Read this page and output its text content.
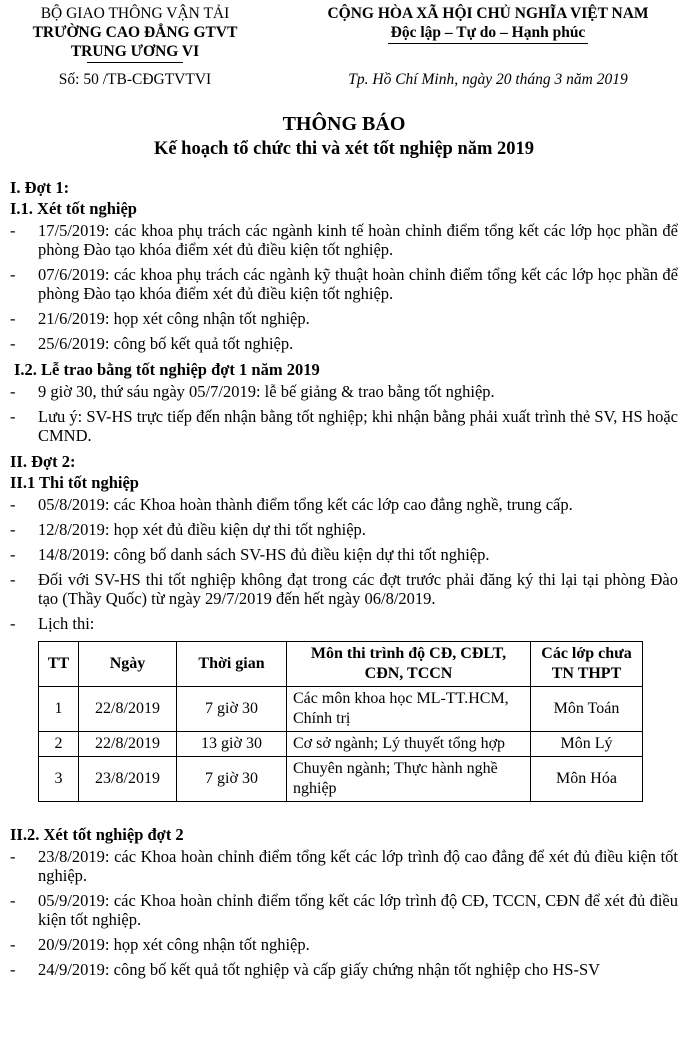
BỘ GIAO THÔNG VẬN TẢI
TRƯỜNG CAO ĐẲNG GTVT
TRUNG ƯƠNG VI
CỘNG HÒA XÃ HỘI CHỦ NGHĨA VIỆT NAM
Độc lập – Tự do – Hạnh phúc
Số: 50 /TB-CĐGTVTVI	Tp. Hồ Chí Minh, ngày 20 tháng 3 năm 2019
THÔNG BÁO
Kế hoạch tổ chức thi và xét tốt nghiệp năm 2019
I. Đợt 1:
I.1. Xét tốt nghiệp
- 17/5/2019: các khoa phụ trách các ngành kinh tế hoàn chỉnh điểm tổng kết các lớp học phần để phòng Đào tạo khóa điểm xét đủ điều kiện tốt nghiệp.
- 07/6/2019: các khoa phụ trách các ngành kỹ thuật hoàn chỉnh điểm tổng kết các lớp học phần để phòng Đào tạo khóa điểm xét đủ điều kiện tốt nghiệp.
- 21/6/2019: họp xét công nhận tốt nghiệp.
- 25/6/2019: công bố kết quả tốt nghiệp.
I.2. Lễ trao bằng tốt nghiệp đợt 1 năm 2019
- 9 giờ 30, thứ sáu ngày 05/7/2019: lễ bế giảng & trao bằng tốt nghiệp.
- Lưu ý: SV-HS trực tiếp đến nhận bằng tốt nghiệp; khi nhận bằng phải xuất trình thẻ SV, HS hoặc CMND.
II. Đợt 2:
II.1 Thi tốt nghiệp
- 05/8/2019: các Khoa hoàn thành điểm tổng kết các lớp cao đẳng nghề, trung cấp.
- 12/8/2019: họp xét đủ điều kiện dự thi tốt nghiệp.
- 14/8/2019: công bố danh sách SV-HS đủ điều kiện dự thi tốt nghiệp.
- Đối với SV-HS thi tốt nghiệp không đạt trong các đợt trước phải đăng ký thi lại tại phòng Đào tạo (Thầy Quốc) từ ngày 29/7/2019 đến hết ngày 06/8/2019.
- Lịch thi:
TT	Ngày	Thời gian	Môn thi trình độ CĐ, CĐLT, CĐN, TCCN	Các lớp chưa TN THPT
1	22/8/2019	7 giờ 30	Các môn khoa học ML-TT.HCM, Chính trị	Môn Toán
2	22/8/2019	13 giờ 30	Cơ sở ngành; Lý thuyết tổng hợp	Môn Lý
3	23/8/2019	7 giờ 30	Chuyên ngành; Thực hành nghề nghiệp	Môn Hóa
II.2. Xét tốt nghiệp đợt 2
- 23/8/2019: các Khoa hoàn chỉnh điểm tổng kết các lớp trình độ cao đẳng để xét đủ điều kiện tốt nghiệp.
- 05/9/2019: các Khoa hoàn chỉnh điểm tổng kết các lớp trình độ CĐ, TCCN, CĐN để xét đủ điều kiện tốt nghiệp.
- 20/9/2019: họp xét công nhận tốt nghiệp.
- 24/9/2019: công bố kết quả tốt nghiệp và cấp giấy chứng nhận tốt nghiệp cho HS-SV
